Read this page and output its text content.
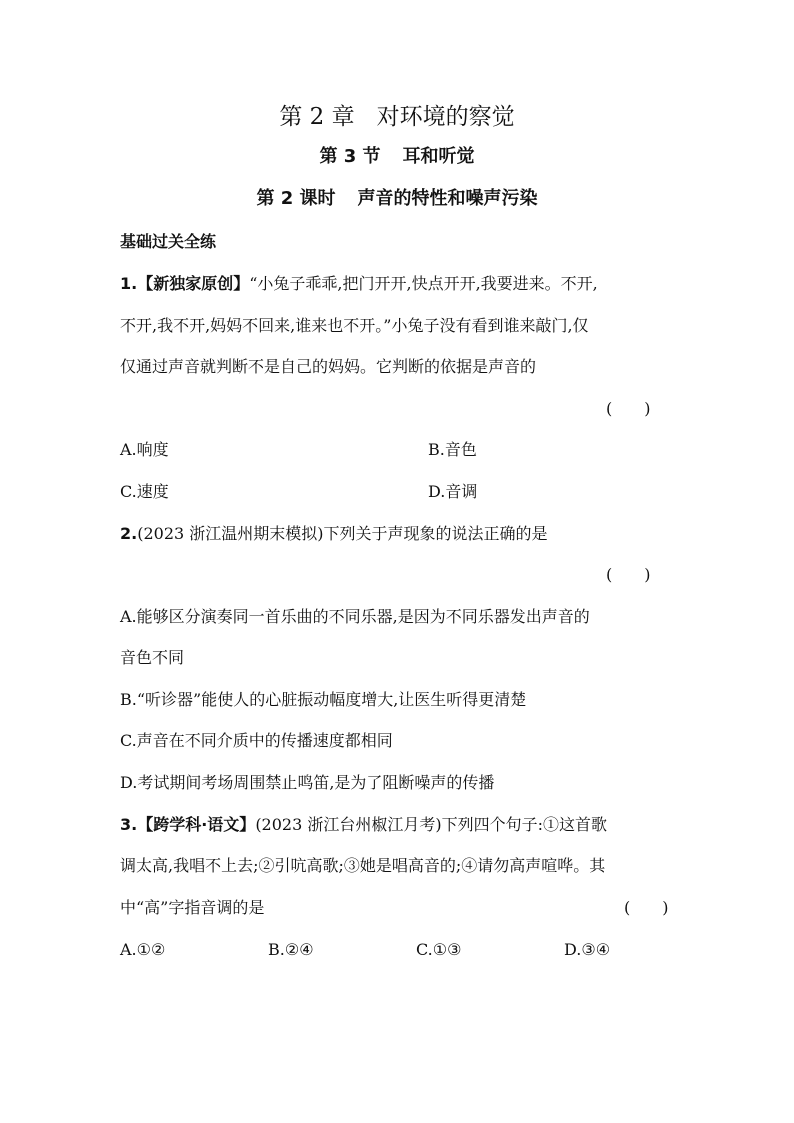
第 2 章 对环境的察觉
第 3 节 耳和听觉
第 2 课时 声音的特性和噪声污染
基础过关全练
1.【新独家原创】“小兔子乖乖,把门开开,快点开开,我要进来。不开,
不开,我不开,妈妈不回来,谁来也不开。”小兔子没有看到谁来敲门,仅
仅通过声音就判断不是自己的妈妈。它判断的依据是声音的
(　　)
A.响度	B.音色
C.速度	D.音调
2.(2023 浙江温州期末模拟)下列关于声现象的说法正确的是
(　　)
A.能够区分演奏同一首乐曲的不同乐器,是因为不同乐器发出声音的
音色不同
B.“听诊器”能使人的心脏振动幅度增大,让医生听得更清楚
C.声音在不同介质中的传播速度都相同
D.考试期间考场周围禁止鸣笛,是为了阻断噪声的传播
3.【跨学科·语文】(2023 浙江台州椒江月考)下列四个句子:①这首歌
调太高,我唱不上去;②引吭高歌;③她是唱高音的;④请勿高声喧哗。其
中“高”字指音调的是	(　　)
A.①②	B.②④	C.①③	D.③④
